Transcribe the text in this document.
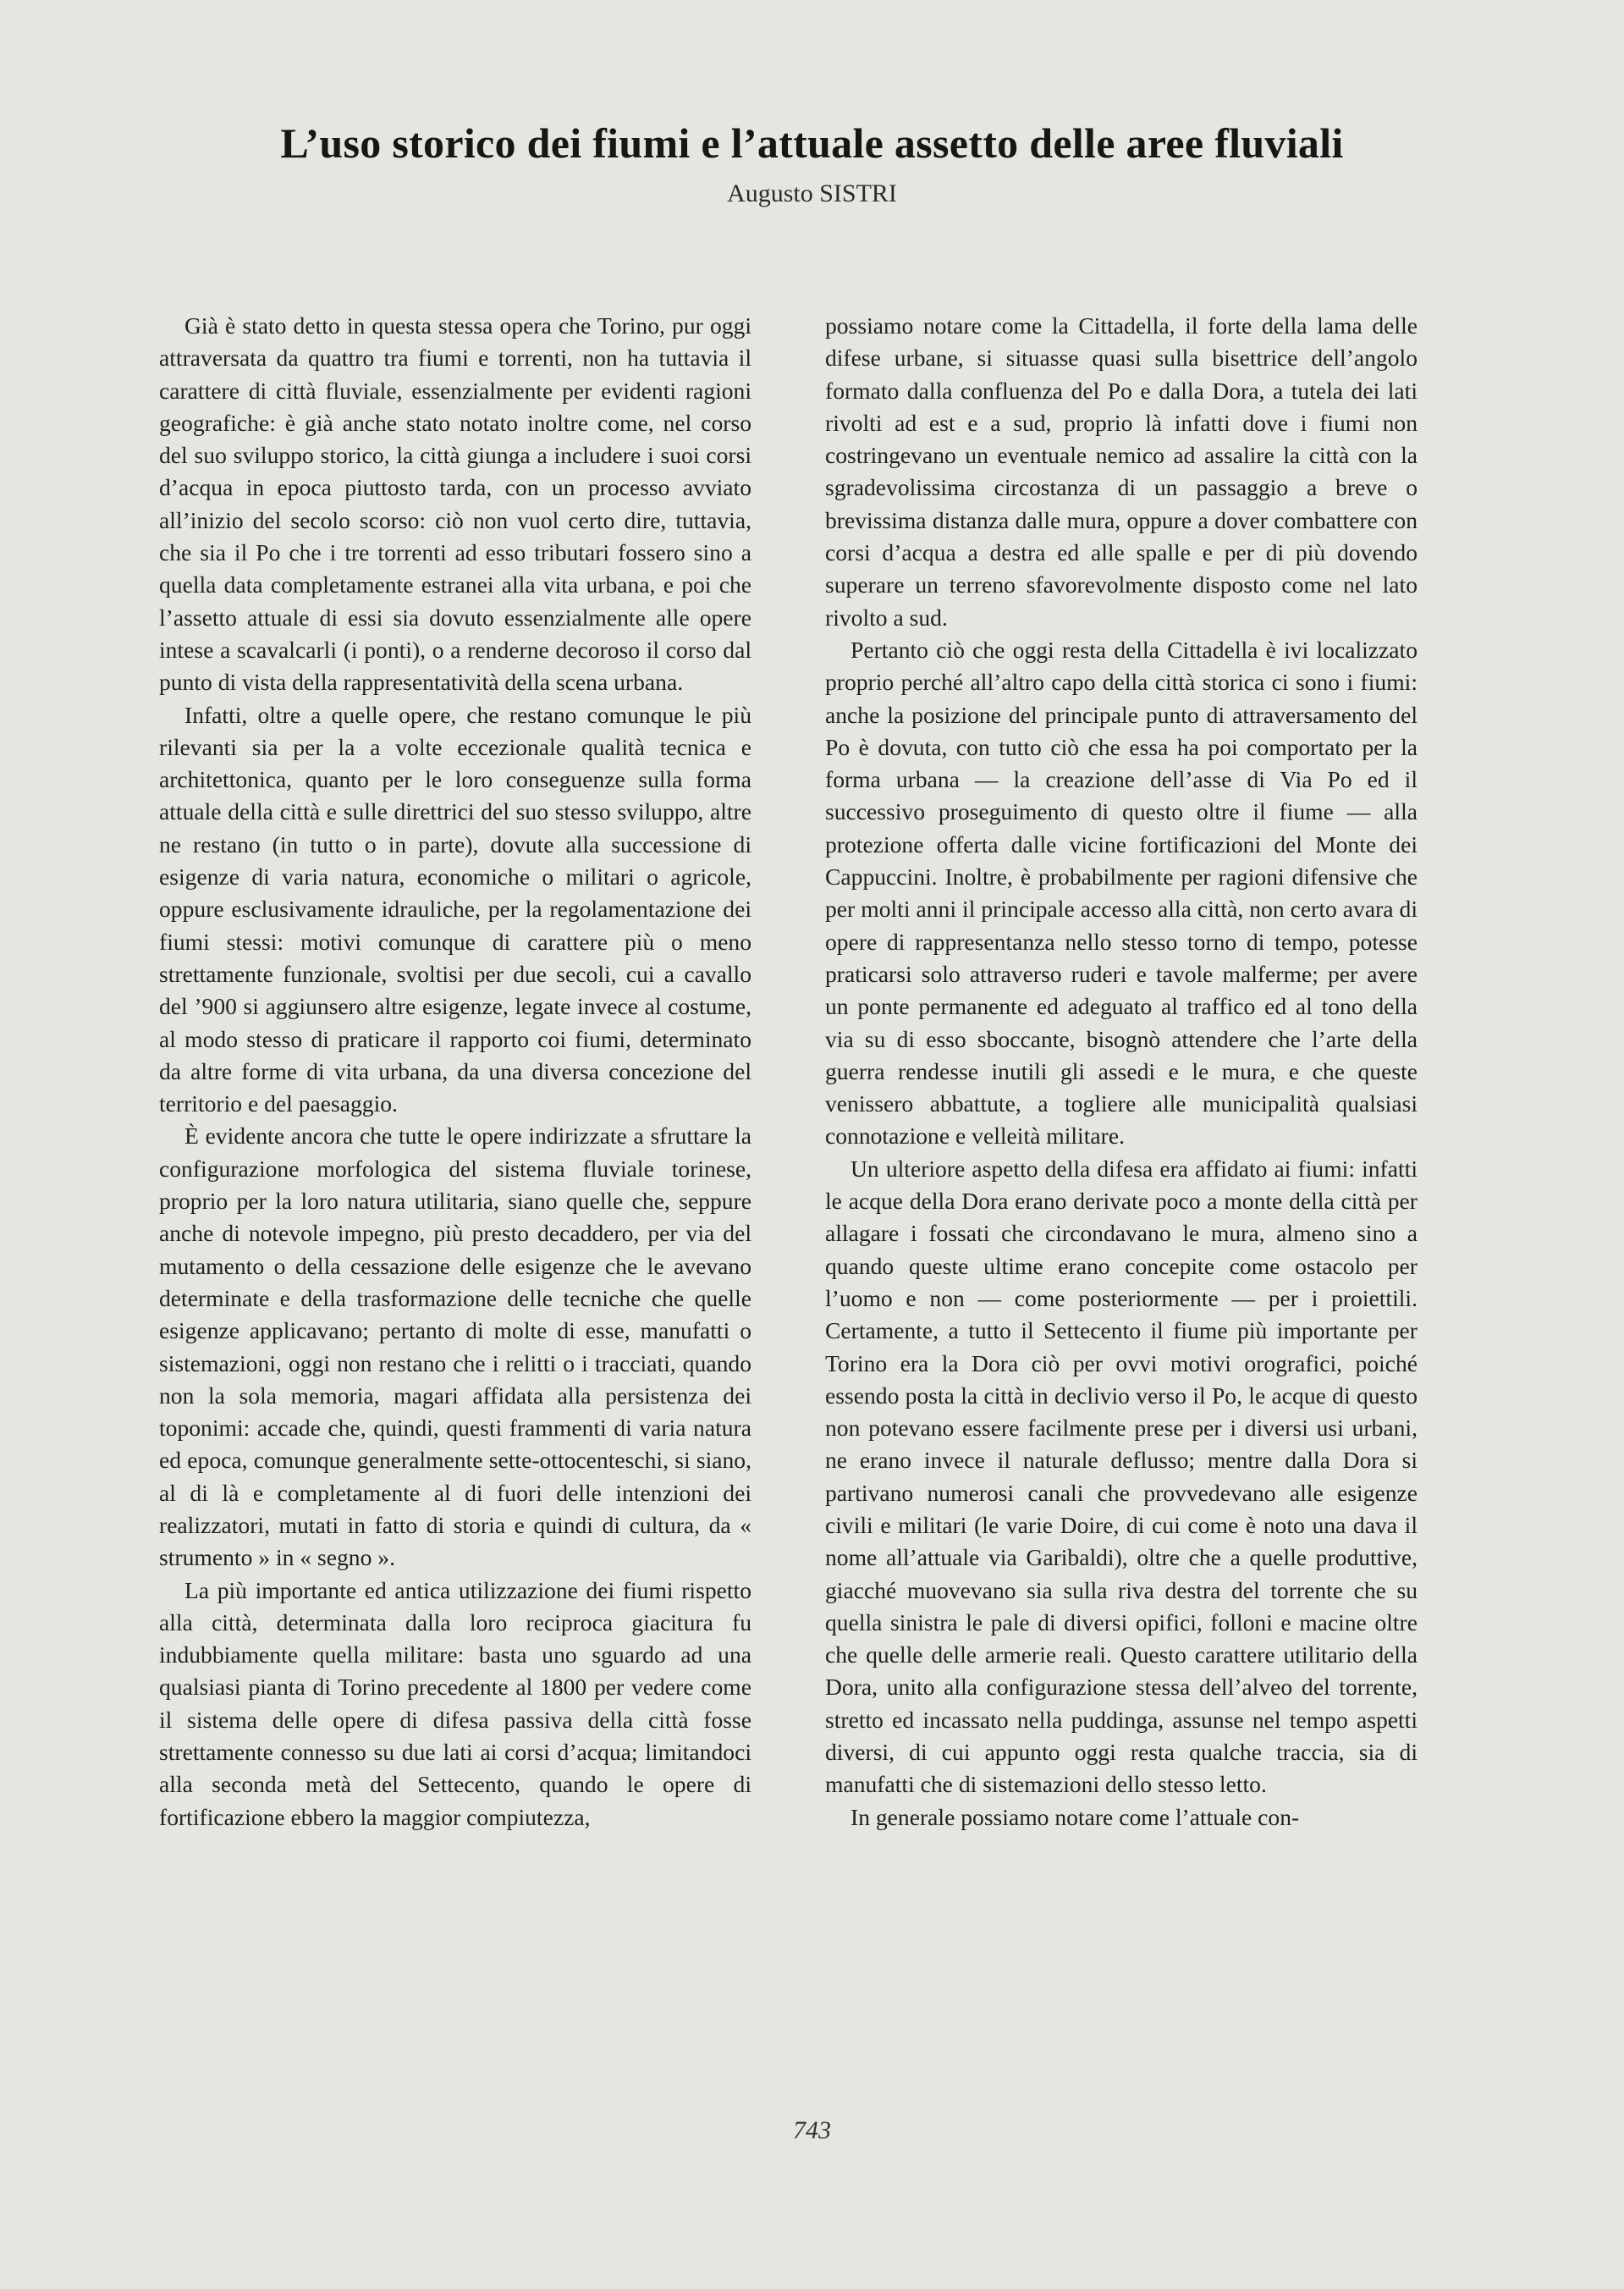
L’uso storico dei fiumi e l’attuale assetto delle aree fluviali
Augusto SISTRI

Già è stato detto in questa stessa opera che Torino, pur oggi attraversata da quattro tra fiumi e torrenti, non ha tuttavia il carattere di città fluviale, essenzialmente per evidenti ragioni geografiche: è già anche stato notato inoltre come, nel corso del suo sviluppo storico, la città giunga a includere i suoi corsi d’acqua in epoca piuttosto tarda, con un processo avviato all’inizio del secolo scorso: ciò non vuol certo dire, tuttavia, che sia il Po che i tre torrenti ad esso tributari fossero sino a quella data completamente estranei alla vita urbana, e poi che l’assetto attuale di essi sia dovuto essenzialmente alle opere intese a scavalcarli (i ponti), o a renderne decoroso il corso dal punto di vista della rappresentatività della scena urbana.

Infatti, oltre a quelle opere, che restano comunque le più rilevanti sia per la a volte eccezionale qualità tecnica e architettonica, quanto per le loro conseguenze sulla forma attuale della città e sulle direttrici del suo stesso sviluppo, altre ne restano (in tutto o in parte), dovute alla successione di esigenze di varia natura, economiche o militari o agricole, oppure esclusivamente idrauliche, per la regolamentazione dei fiumi stessi: motivi comunque di carattere più o meno strettamente funzionale, svoltisi per due secoli, cui a cavallo del ’900 si aggiunsero altre esigenze, legate invece al costume, al modo stesso di praticare il rapporto coi fiumi, determinato da altre forme di vita urbana, da una diversa concezione del territorio e del paesaggio.

È evidente ancora che tutte le opere indirizzate a sfruttare la configurazione morfologica del sistema fluviale torinese, proprio per la loro natura utilitaria, siano quelle che, seppure anche di notevole impegno, più presto decaddero, per via del mutamento o della cessazione delle esigenze che le avevano determinate e della trasformazione delle tecniche che quelle esigenze applicavano; pertanto di molte di esse, manufatti o sistemazioni, oggi non restano che i relitti o i tracciati, quando non la sola memoria, magari affidata alla persistenza dei toponimi: accade che, quindi, questi frammenti di varia natura ed epoca, comunque generalmente sette-ottocenteschi, si siano, al di là e completamente al di fuori delle intenzioni dei realizzatori, mutati in fatto di storia e quindi di cultura, da « strumento » in « segno ».

La più importante ed antica utilizzazione dei fiumi rispetto alla città, determinata dalla loro reciproca giacitura fu indubbiamente quella militare: basta uno sguardo ad una qualsiasi pianta di Torino precedente al 1800 per vedere come il sistema delle opere di difesa passiva della città fosse strettamente connesso su due lati ai corsi d’acqua; limitandoci alla seconda metà del Settecento, quando le opere di fortificazione ebbero la maggior compiutezza,

possiamo notare come la Cittadella, il forte della lama delle difese urbane, si situasse quasi sulla bisettrice dell’angolo formato dalla confluenza del Po e dalla Dora, a tutela dei lati rivolti ad est e a sud, proprio là infatti dove i fiumi non costringevano un eventuale nemico ad assalire la città con la sgradevolissima circostanza di un passaggio a breve o brevissima distanza dalle mura, oppure a dover combattere con corsi d’acqua a destra ed alle spalle e per di più dovendo superare un terreno sfavorevolmente disposto come nel lato rivolto a sud.

Pertanto ciò che oggi resta della Cittadella è ivi localizzato proprio perché all’altro capo della città storica ci sono i fiumi: anche la posizione del principale punto di attraversamento del Po è dovuta, con tutto ciò che essa ha poi comportato per la forma urbana — la creazione dell’asse di Via Po ed il successivo proseguimento di questo oltre il fiume — alla protezione offerta dalle vicine fortificazioni del Monte dei Cappuccini. Inoltre, è probabilmente per ragioni difensive che per molti anni il principale accesso alla città, non certo avara di opere di rappresentanza nello stesso torno di tempo, potesse praticarsi solo attraverso ruderi e tavole malferme; per avere un ponte permanente ed adeguato al traffico ed al tono della via su di esso sboccante, bisognò attendere che l’arte della guerra rendesse inutili gli assedi e le mura, e che queste venissero abbattute, a togliere alle municipalità qualsiasi connotazione e velleità militare.

Un ulteriore aspetto della difesa era affidato ai fiumi: infatti le acque della Dora erano derivate poco a monte della città per allagare i fossati che circondavano le mura, almeno sino a quando queste ultime erano concepite come ostacolo per l’uomo e non — come posteriormente — per i proiettili. Certamente, a tutto il Settecento il fiume più importante per Torino era la Dora ciò per ovvi motivi orografici, poiché essendo posta la città in declivio verso il Po, le acque di questo non potevano essere facilmente prese per i diversi usi urbani, ne erano invece il naturale deflusso; mentre dalla Dora si partivano numerosi canali che provvedevano alle esigenze civili e militari (le varie Doire, di cui come è noto una dava il nome all’attuale via Garibaldi), oltre che a quelle produttive, giacché muovevano sia sulla riva destra del torrente che su quella sinistra le pale di diversi opifici, folloni e macine oltre che quelle delle armerie reali. Questo carattere utilitario della Dora, unito alla configurazione stessa dell’alveo del torrente, stretto ed incassato nella puddinga, assunse nel tempo aspetti diversi, di cui appunto oggi resta qualche traccia, sia di manufatti che di sistemazioni dello stesso letto.

In generale possiamo notare come l’attuale con-

743
